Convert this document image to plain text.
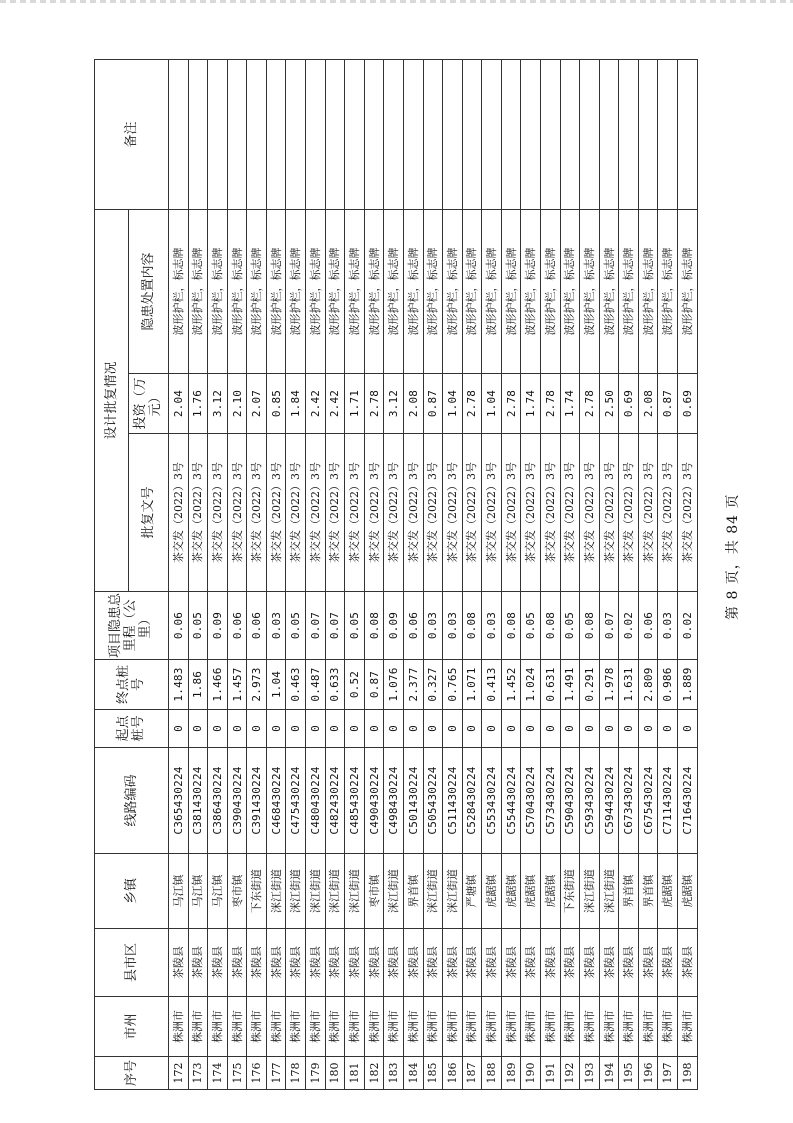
序号	市州	县市区	乡镇	线路编码	起点桩号	终点桩号	项目隐患总里程（公里）	设计批复情况			备注
								批复文号	投资（万元）	隐患处置内容	
172	株洲市	茶陵县	马江镇	C365430224	0	1.483	0.06	茶交发（2022）3号	2.04	波形护栏，标志牌	
173	株洲市	茶陵县	马江镇	C381430224	0	1.86	0.05	茶交发（2022）3号	1.76	波形护栏，标志牌	
174	株洲市	茶陵县	马江镇	C386430224	0	1.466	0.09	茶交发（2022）3号	3.12	波形护栏，标志牌	
175	株洲市	茶陵县	枣市镇	C390430224	0	1.457	0.06	茶交发（2022）3号	2.10	波形护栏，标志牌	
176	株洲市	茶陵县	下东街道	C391430224	0	2.973	0.06	茶交发（2022）3号	2.07	波形护栏，标志牌	
177	株洲市	茶陵县	洣江街道	C468430224	0	1.04	0.03	茶交发（2022）3号	0.85	波形护栏，标志牌	
178	株洲市	茶陵县	洣江街道	C475430224	0	0.463	0.05	茶交发（2022）3号	1.84	波形护栏，标志牌	
179	株洲市	茶陵县	洣江街道	C480430224	0	0.487	0.07	茶交发（2022）3号	2.42	波形护栏，标志牌	
180	株洲市	茶陵县	洣江街道	C482430224	0	0.633	0.07	茶交发（2022）3号	2.42	波形护栏，标志牌	
181	株洲市	茶陵县	洣江街道	C485430224	0	0.52	0.05	茶交发（2022）3号	1.71	波形护栏，标志牌	
182	株洲市	茶陵县	枣市镇	C490430224	0	0.87	0.08	茶交发（2022）3号	2.78	波形护栏，标志牌	
183	株洲市	茶陵县	洣江街道	C498430224	0	1.076	0.09	茶交发（2022）3号	3.12	波形护栏，标志牌	
184	株洲市	茶陵县	界首镇	C501430224	0	2.377	0.06	茶交发（2022）3号	2.08	波形护栏，标志牌	
185	株洲市	茶陵县	洣江街道	C505430224	0	0.327	0.03	茶交发（2022）3号	0.87	波形护栏，标志牌	
186	株洲市	茶陵县	洣江街道	C511430224	0	0.765	0.03	茶交发（2022）3号	1.04	波形护栏，标志牌	
187	株洲市	茶陵县	严塘镇	C528430224	0	1.071	0.08	茶交发（2022）3号	2.78	波形护栏，标志牌	
188	株洲市	茶陵县	虎踞镇	C553430224	0	0.413	0.03	茶交发（2022）3号	1.04	波形护栏，标志牌	
189	株洲市	茶陵县	虎踞镇	C554430224	0	1.452	0.08	茶交发（2022）3号	2.78	波形护栏，标志牌	
190	株洲市	茶陵县	虎踞镇	C570430224	0	1.024	0.05	茶交发（2022）3号	1.74	波形护栏，标志牌	
191	株洲市	茶陵县	虎踞镇	C573430224	0	0.631	0.08	茶交发（2022）3号	2.78	波形护栏，标志牌	
192	株洲市	茶陵县	下东街道	C590430224	0	1.491	0.05	茶交发（2022）3号	1.74	波形护栏，标志牌	
193	株洲市	茶陵县	洣江街道	C593430224	0	0.291	0.08	茶交发（2022）3号	2.78	波形护栏，标志牌	
194	株洲市	茶陵县	洣江街道	C594430224	0	1.978	0.07	茶交发（2022）3号	2.50	波形护栏，标志牌	
195	株洲市	茶陵县	界首镇	C673430224	0	1.631	0.02	茶交发（2022）3号	0.69	波形护栏，标志牌	
196	株洲市	茶陵县	界首镇	C675430224	0	2.809	0.06	茶交发（2022）3号	2.08	波形护栏，标志牌	
197	株洲市	茶陵县	虎踞镇	C711430224	0	0.986	0.03	茶交发（2022）3号	0.87	波形护栏，标志牌	
198	株洲市	茶陵县	虎踞镇	C716430224	0	1.889	0.02	茶交发（2022）3号	0.69	波形护栏，标志牌	
第 8 页，共 84 页
